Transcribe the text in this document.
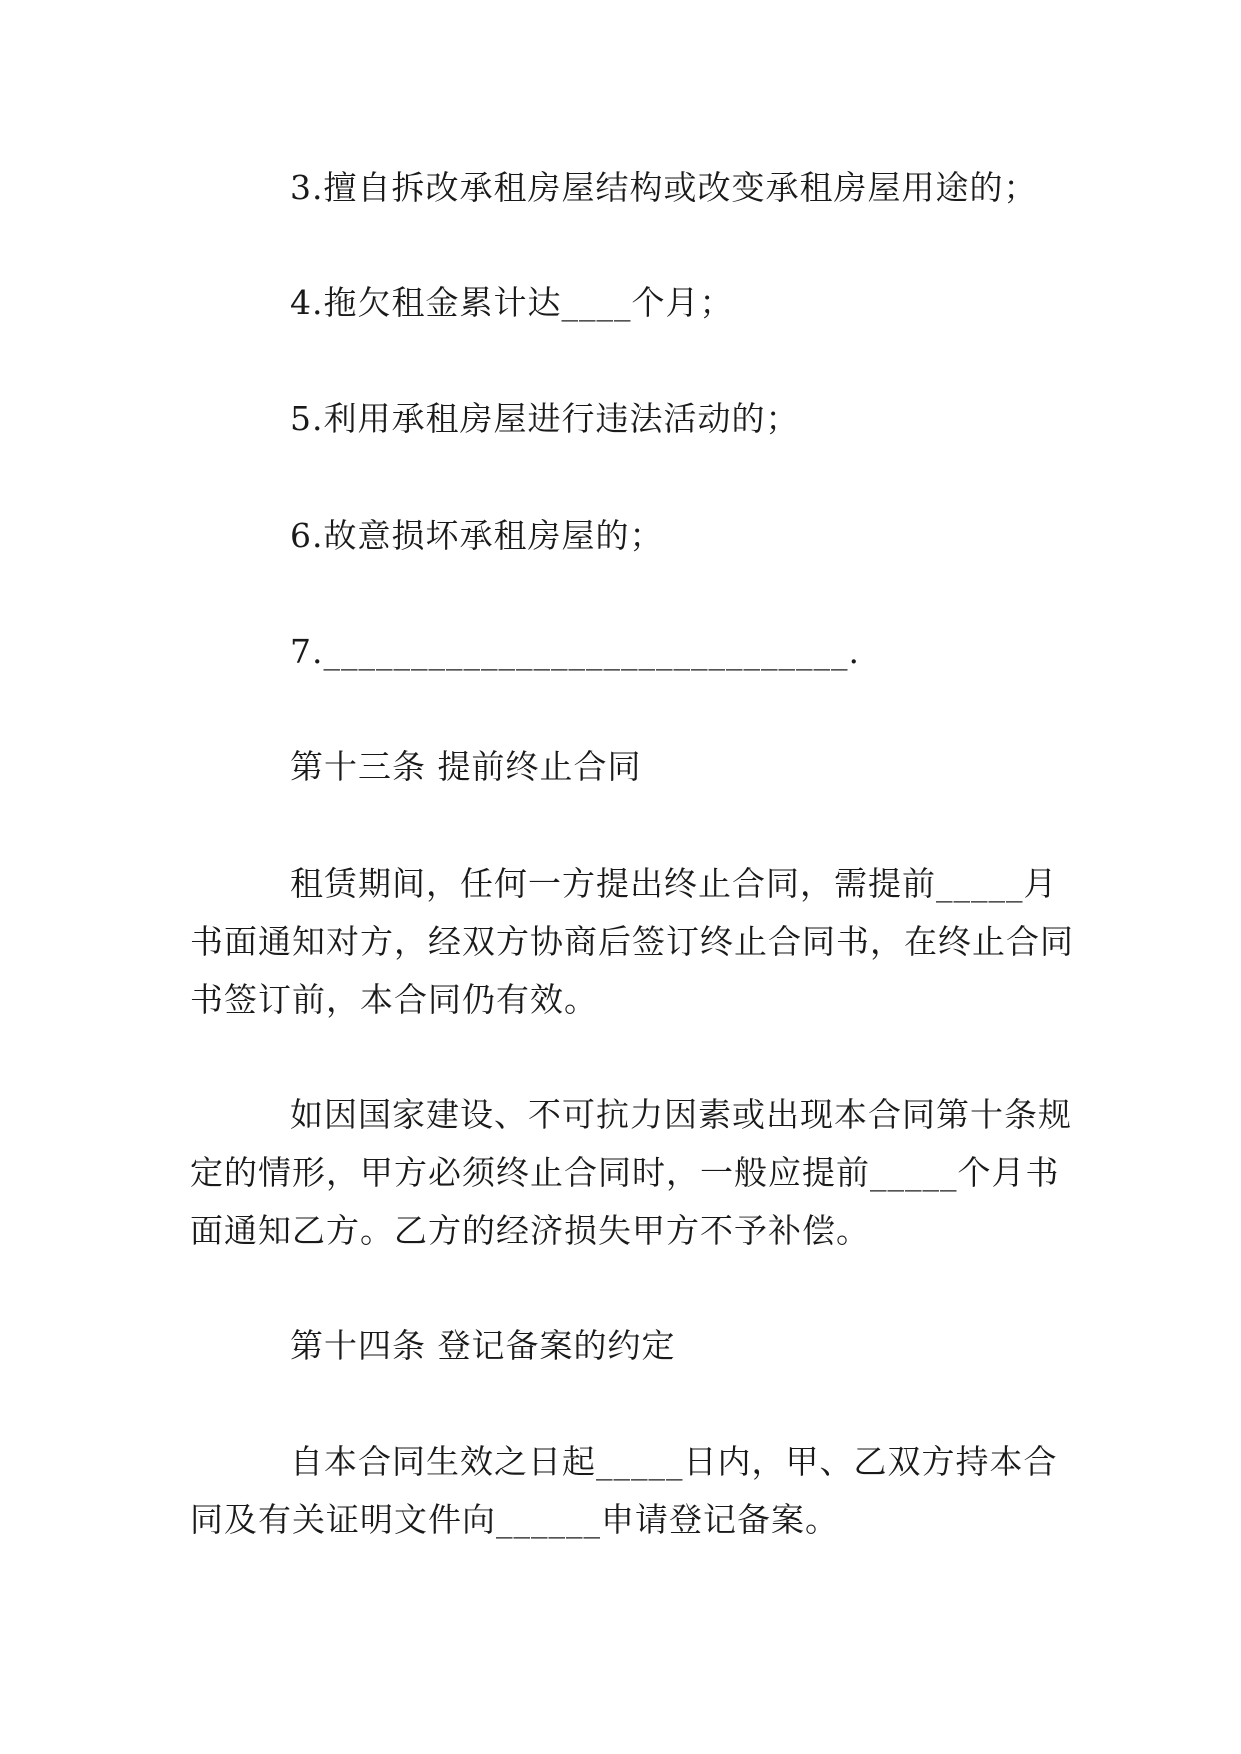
3.擅自拆改承租房屋结构或改变承租房屋用途的；
4.拖欠租金累计达____个月；
5.利用承租房屋进行违法活动的；
6.故意损坏承租房屋的；
7.______________________________.
第十三条 提前终止合同
租赁期间，任何一方提出终止合同，需提前_____月
书面通知对方，经双方协商后签订终止合同书，在终止合同
书签订前，本合同仍有效。
如因国家建设、不可抗力因素或出现本合同第十条规
定的情形，甲方必须终止合同时，一般应提前_____个月书
面通知乙方。乙方的经济损失甲方不予补偿。
第十四条 登记备案的约定
自本合同生效之日起_____日内，甲、乙双方持本合
同及有关证明文件向______申请登记备案。
